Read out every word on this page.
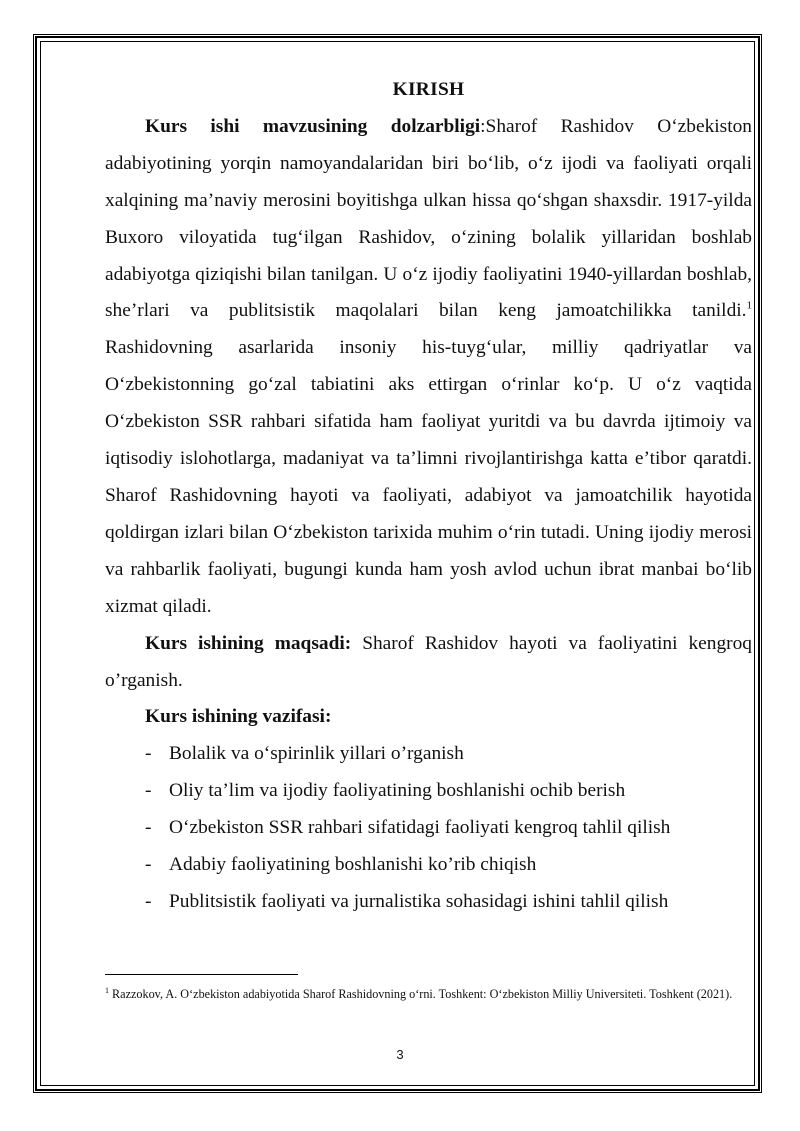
KIRISH

Kurs ishi mavzusining dolzarbligi:Sharof Rashidov O‘zbekiston adabiyotining yorqin namoyandalaridan biri bo‘lib, o‘z ijodi va faoliyati orqali xalqining ma’naviy merosini boyitishga ulkan hissa qo‘shgan shaxsdir. 1917-yilda Buxoro viloyatida tug‘ilgan Rashidov, o‘zining bolalik yillaridan boshlab adabiyotga qiziqishi bilan tanilgan. U o‘z ijodiy faoliyatini 1940-yillardan boshlab, she’rlari va publitsistik maqolalari bilan keng jamoatchilikka tanildi.$^1$ Rashidovning asarlarida insoniy his-tuyg‘ular, milliy qadriyatlar va O‘zbekistonning go‘zal tabiatini aks ettirgan o‘rinlar ko‘p. U o‘z vaqtida O‘zbekiston SSR rahbari sifatida ham faoliyat yuritdi va bu davrda ijtimoiy va iqtisodiy islohotlarga, madaniyat va ta’limni rivojlantirishga katta e’tibor qaratdi. Sharof Rashidovning hayoti va faoliyati, adabiyot va jamoatchilik hayotida qoldirgan izlari bilan O‘zbekiston tarixida muhim o‘rin tutadi. Uning ijodiy merosi va rahbarlik faoliyati, bugungi kunda ham yosh avlod uchun ibrat manbai bo‘lib xizmat qiladi.

Kurs ishining maqsadi: Sharof Rashidov hayoti va faoliyatini kengroq o’rganish.

Kurs ishining vazifasi:

- Bolalik va o‘spirinlik yillari o’rganish
- Oliy ta’lim va ijodiy faoliyatining boshlanishi ochib berish
- O‘zbekiston SSR rahbari sifatidagi faoliyati kengroq tahlil qilish
- Adabiy faoliyatining boshlanishi ko’rib chiqish
- Publitsistik faoliyati va jurnalistika sohasidagi ishini tahlil qilish
$^1$ Razzokov, A. O‘zbekiston adabiyotida Sharof Rashidovning o‘rni. Toshkent: O‘zbekiston Milliy Universiteti. Toshkent (2021).
3
